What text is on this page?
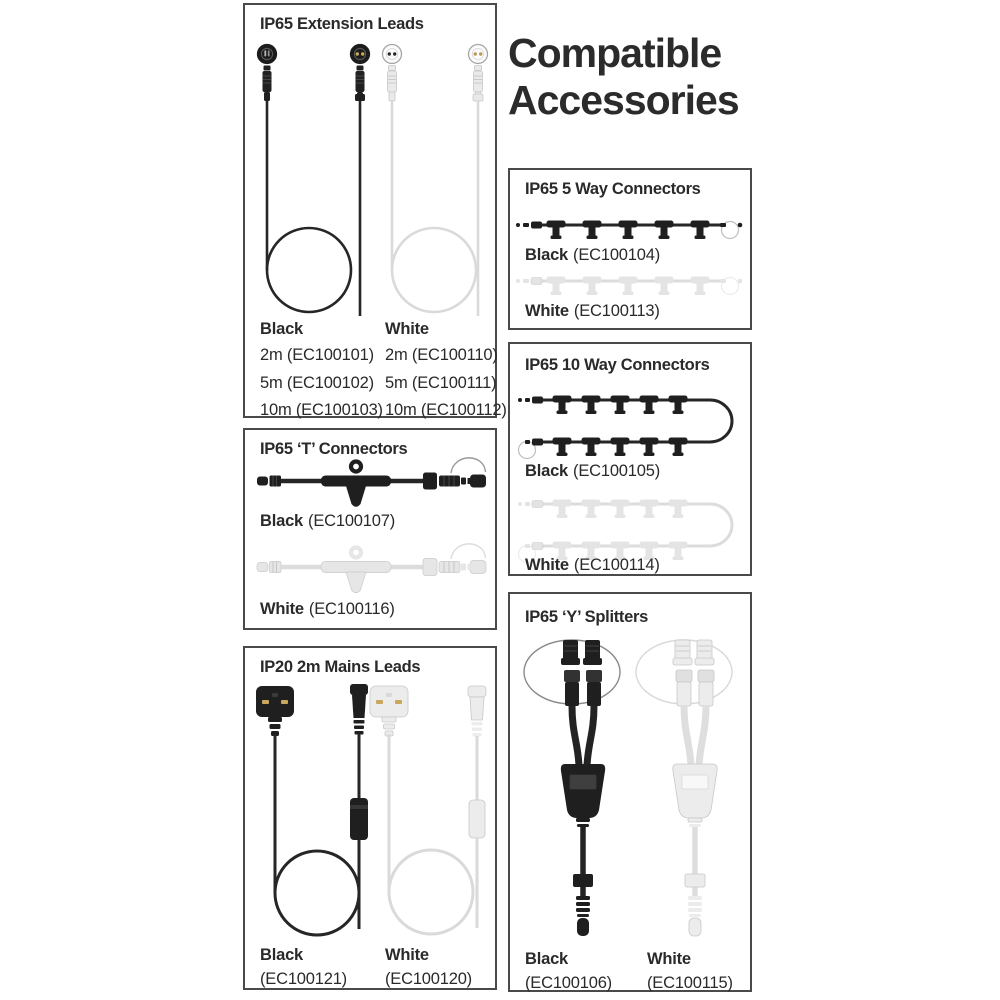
Compatible
Accessories
IP65 Extension Leads
Black
2m (EC100101)
5m (EC100102)
10m (EC100103)
White
2m (EC100110)
5m (EC100111)
10m (EC100112)
IP65 ‘T’ Connectors
Black (EC100107)
White (EC100116)
IP20 2m Mains Leads
Black
(EC100121)
White
(EC100120)
IP65 5 Way Connectors
Black (EC100104)
White (EC100113)
IP65 10 Way Connectors
Black (EC100105)
White (EC100114)
IP65 ‘Y’ Splitters
Black
(EC100106)
White
(EC100115)
